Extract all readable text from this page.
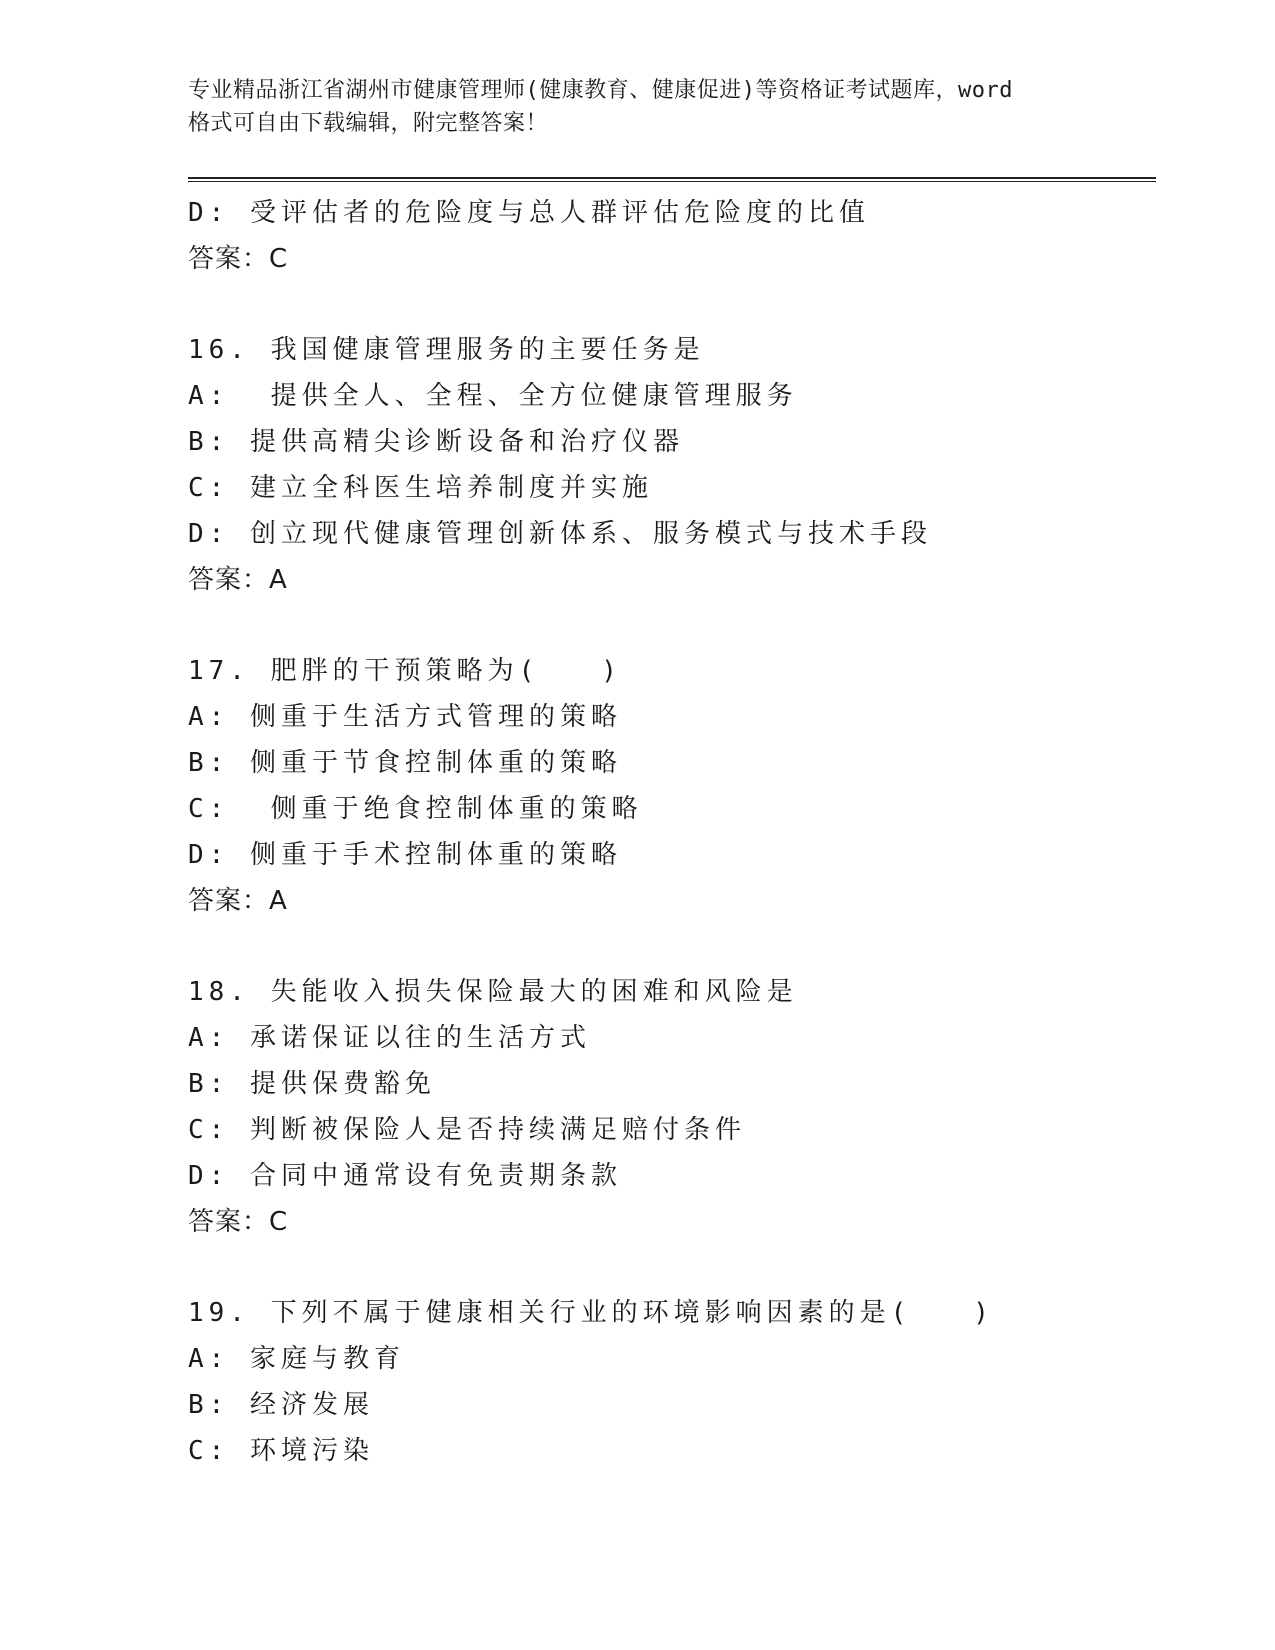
专业精品浙江省湖州市健康管理师(健康教育、健康促进)等资格证考试题库，word
格式可自由下载编辑，附完整答案！
D: 受评估者的危险度与总人群评估危险度的比值
答案：C
16. 我国健康管理服务的主要任务是
A:  提供全人、全程、全方位健康管理服务
B: 提供高精尖诊断设备和治疗仪器
C: 建立全科医生培养制度并实施
D: 创立现代健康管理创新体系、服务模式与技术手段
答案：A
17. 肥胖的干预策略为(　　)
A: 侧重于生活方式管理的策略
B: 侧重于节食控制体重的策略
C:  侧重于绝食控制体重的策略
D: 侧重于手术控制体重的策略
答案：A
18. 失能收入损失保险最大的困难和风险是
A: 承诺保证以往的生活方式
B: 提供保费豁免
C: 判断被保险人是否持续满足赔付条件
D: 合同中通常设有免责期条款
答案：C
19. 下列不属于健康相关行业的环境影响因素的是(　　)
A: 家庭与教育
B: 经济发展
C: 环境污染
